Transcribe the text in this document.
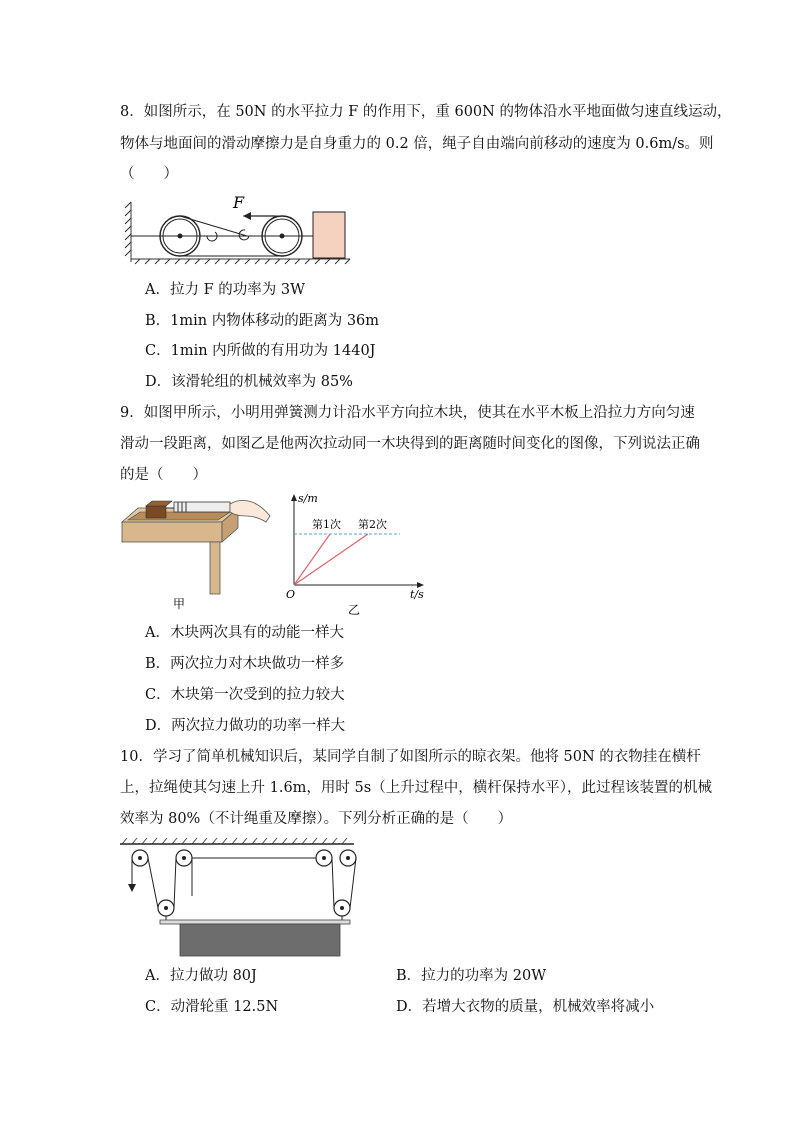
8．如图所示，在 50N 的水平拉力 F 的作用下，重 600N 的物体沿水平地面做匀速直线运动，
物体与地面间的滑动摩擦力是自身重力的 0.2 倍，绳子自由端向前移动的速度为 0.6m/s。则
（　　）
F
A．拉力 F 的功率为 3W
B．1min 内物体移动的距离为 36m
C．1min 内所做的有用功为 1440J
D．该滑轮组的机械效率为 85%
9．如图甲所示，小明用弹簧测力计沿水平方向拉木块，使其在水平木板上沿拉力方向匀速
滑动一段距离，如图乙是他两次拉动同一木块得到的距离随时间变化的图像，下列说法正确
的是（　　）
甲
s/m
t/s
O
第1次 第2次
乙
A．木块两次具有的动能一样大
B．两次拉力对木块做功一样多
C．木块第一次受到的拉力较大
D．两次拉力做功的功率一样大
10．学习了简单机械知识后，某同学自制了如图所示的晾衣架。他将 50N 的衣物挂在横杆
上，拉绳使其匀速上升 1.6m，用时 5s（上升过程中，横杆保持水平），此过程该装置的机械
效率为 80%（不计绳重及摩擦）。下列分析正确的是（　　）
A．拉力做功 80J	B．拉力的功率为 20W
C．动滑轮重 12.5N	D．若增大衣物的质量，机械效率将减小
